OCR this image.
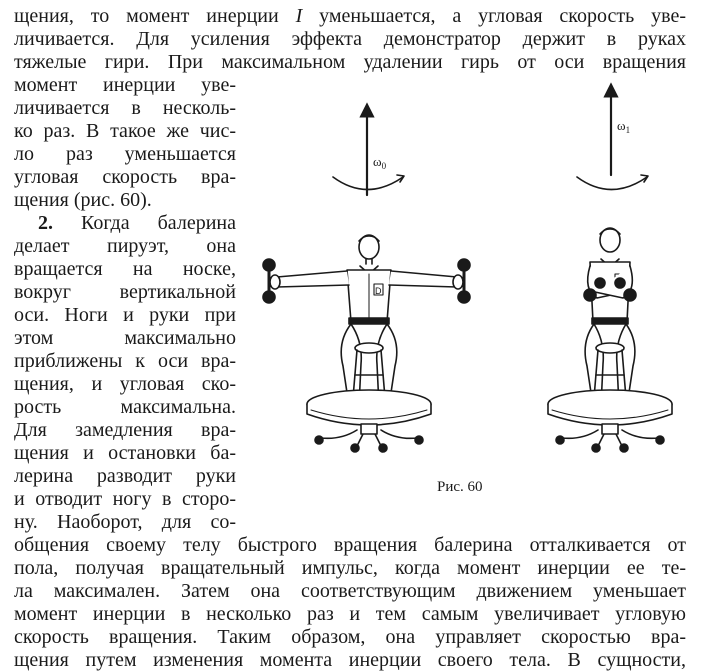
щения, то момент инерции I уменьшается, а угловая скорость уве-
личивается. Для усиления эффекта демонстратор держит в руках
тяжелые гири. При максимальном удалении гирь от оси вращения
момент инерции уве-
личивается в несколь-
ко раз. В такое же чис-
ло раз уменьшается
угловая скорость вра-
щения (рис. 60).
2. Когда балерина
делает пируэт, она
вращается на носке,
вокруг вертикальной
оси. Ноги и руки при
этом максимально
приближены к оси вра-
щения, и угловая ско-
рость максимальна.
Для замедления вра-
щения и остановки ба-
лерина разводит руки
и отводит ногу в сторо-
ну. Наоборот, для со-
общения своему телу быстрого вращения балерина отталкивается от
пола, получая вращательный импульс, когда момент инерции ее те-
ла максимален. Затем она соответствующим движением уменьшает
момент инерции в несколько раз и тем самым увеличивает угловую
скорость вращения. Таким образом, она управляет скоростью вра-
щения путем изменения момента инерции своего тела. В сущности,
$\omega_0$
D
$\omega_1$
Рис. 60
